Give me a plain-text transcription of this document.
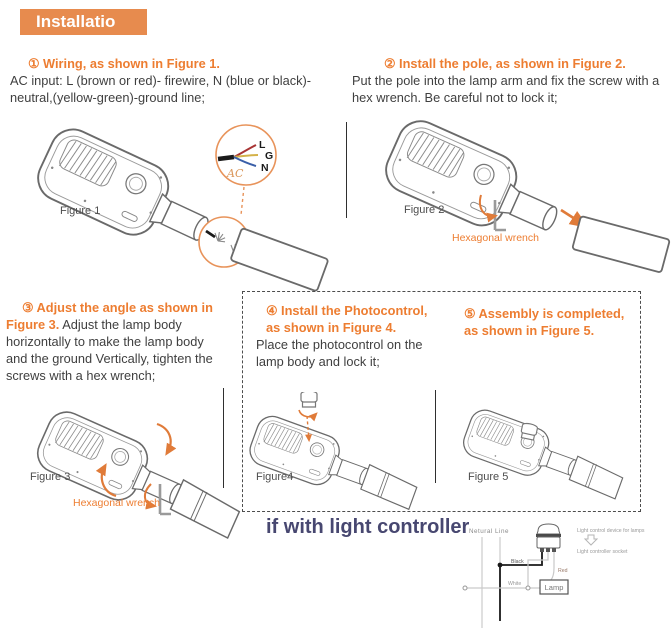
Installatio
① Wiring, as shown in Figure 1.
AC input: L (brown or red)- firewire, N (blue or black)-neutral,(yellow-green)-ground line;
② Install the pole, as shown in Figure 2.
Put the pole into the lamp arm and fix the screw with a hex wrench. Be careful not to lock it;
L
G
N
AC
Figure 1	Figure 2
Hexagonal wrench

③ Adjust the angle as shown in Figure 3. Adjust the lamp body horizontally to make the lamp body and the ground Vertically, tighten the screws with a hex wrench;

④ Install the Photocontrol, as shown in Figure 4.
Place the photocontrol on the lamp body and lock it;
⑤ Assembly is completed, as shown in Figure 5.
Figure 3
Hexagonal wrench
Figure4	Figure 5
if with light controller Netural Line	Light control device for lamps
Light controller socket
Black
White
Red
Lamp
